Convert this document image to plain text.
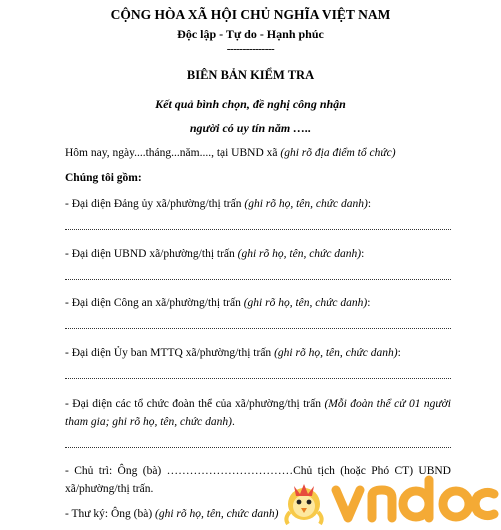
CỘNG HÒA XÃ HỘI CHỦ NGHĨA VIỆT NAM
Độc lập - Tự do - Hạnh phúc
---------------
BIÊN BẢN KIỂM TRA
Kết quả bình chọn, đề nghị công nhận
người có uy tín năm …..
Hôm nay, ngày....tháng...năm...., tại UBND xã (ghi rõ địa điểm tổ chức)
Chúng tôi gồm:
- Đại diện Đảng ủy xã/phường/thị trấn (ghi rõ họ, tên, chức danh):
- Đại diện UBND xã/phường/thị trấn (ghi rõ họ, tên, chức danh):
- Đại diện Công an xã/phường/thị trấn (ghi rõ họ, tên, chức danh):
- Đại diện Ủy ban MTTQ xã/phường/thị trấn (ghi rõ họ, tên, chức danh):
- Đại diện các tổ chức đoàn thể của xã/phường/thị trấn (Mỗi đoàn thể cử 01 người tham gia; ghi rõ họ, tên, chức danh).
- Chủ trì: Ông (bà) ……………………………Chủ tịch (hoặc Phó CT) UBND xã/phường/thị trấn.
- Thư ký: Ông (bà) (ghi rõ họ, tên, chức danh)
